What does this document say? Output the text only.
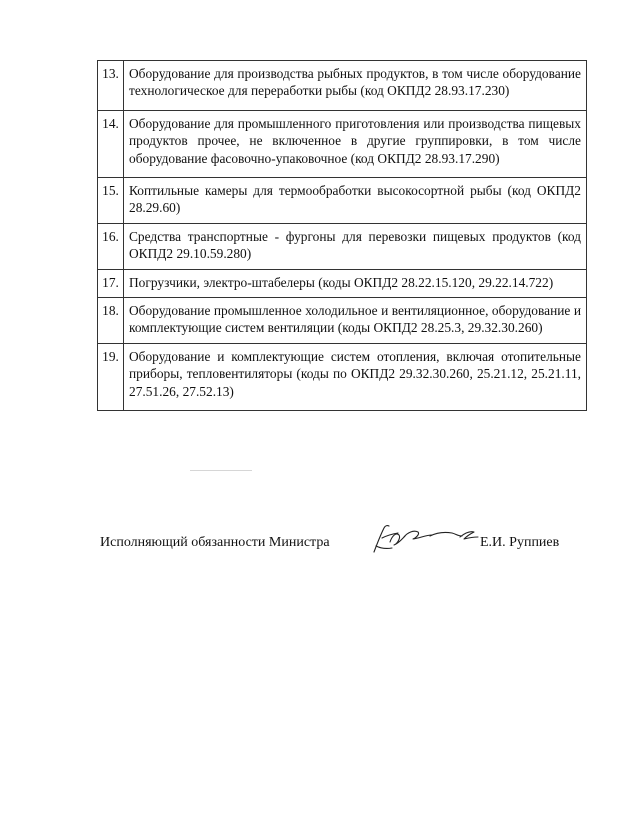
13.	Оборудование для производства рыбных продуктов, в том числе оборудование технологическое для переработки рыбы (код ОКПД2 28.93.17.230)
14.	Оборудование для промышленного приготовления или производства пищевых продуктов прочее, не включенное в другие группировки, в том числе оборудование фасовочно-упаковочное (код ОКПД2 28.93.17.290)
15.	Коптильные камеры для термообработки высокосортной рыбы (код ОКПД2 28.29.60)
16.	Средства транспортные - фургоны для перевозки пищевых продуктов (код ОКПД2 29.10.59.280)
17.	Погрузчики, электро-штабелеры (коды ОКПД2 28.22.15.120, 29.22.14.722)
18.	Оборудование промышленное холодильное и вентиляционное, оборудование и комплектующие систем вентиляции (коды ОКПД2 28.25.3, 29.32.30.260)
19.	Оборудование и комплектующие систем отопления, включая отопительные приборы, тепловентиляторы (коды по ОКПД2 29.32.30.260, 25.21.12, 25.21.11, 27.51.26, 27.52.13)
Исполняющий обязанности Министра	Е.И. Руппиев
